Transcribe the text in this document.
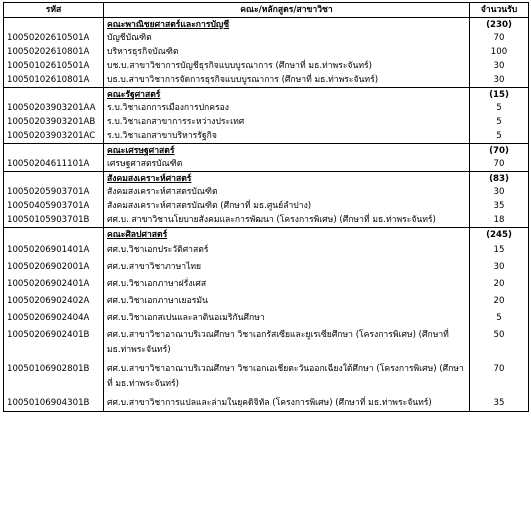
รหัส	คณะ/หลักสูตร/สาขาวิชา	จำนวนรับ
	คณะพาณิชยศาสตร์และการบัญชี	(230)
10050202610501A	บัญชีบัณฑิต	70
10050202610801A	บริหารธุรกิจบัณฑิต	100
10050102610501A	บช.บ.สาขาวิชาการบัญชีธุรกิจแบบบูรณาการ (ศึกษาที่ มธ.ท่าพระจันทร์)	30
10050102610801A	บธ.บ.สาขาวิชาการจัดการธุรกิจแบบบูรณาการ (ศึกษาที่ มธ.ท่าพระจันทร์)	30
	คณะรัฐศาสตร์	(15)
10050203903201AA	ร.บ.วิชาเอกการเมืองการปกครอง	5
10050203903201AB	ร.บ.วิชาเอกสาขาการระหว่างประเทศ	5
10050203903201AC	ร.บ.วิชาเอกสาขาบริหารรัฐกิจ	5
	คณะเศรษฐศาสตร์	(70)
10050204611101A	เศรษฐศาสตรบัณฑิต	70
	สังคมสงเคราะห์ศาสตร์	(83)
10050205903701A	สังคมสงเคราะห์ศาสตรบัณฑิต	30
10050405903701A	สังคมสงเคราะห์ศาสตรบัณฑิต (ศึกษาที่ มธ.ศูนย์ลำปาง)	35
10050105903701B	ศศ.บ. สาขาวิชานโยบายสังคมและการพัฒนา (โครงการพิเศษ) (ศึกษาที่ มธ.ท่าพระจันทร์)	18
	คณะศิลปศาสตร์	(245)
10050206901401A	ศศ.บ.วิชาเอกประวัติศาสตร์	15
10050206902001A	ศศ.บ.สาขาวิชาภาษาไทย	30
10050206902401A	ศศ.บ.วิชาเอกภาษาฝรั่งเศส	20
10050206902402A	ศศ.บ.วิชาเอกภาษาเยอรมัน	20
10050206902404A	ศศ.บ.วิชาเอกสเปนและลาตินอเมริกันศึกษา	5
10050206902401B	ศศ.บ.สาขาวิชาอาณาบริเวณศึกษา วิชาเอกรัสเซียและยูเรเซียศึกษา (โครงการพิเศษ) (ศึกษาที่ มธ.ท่าพระจันทร์)	50
10050106902801B	ศศ.บ.สาขาวิชาอาณาบริเวณศึกษา วิชาเอกเอเชียตะวันออกเฉียงใต้ศึกษา (โครงการพิเศษ) (ศึกษาที่ มธ.ท่าพระจันทร์)	70
10050106904301B	ศศ.บ.สาขาวิชาการแปลและล่ามในยุคดิจิทัล (โครงการพิเศษ) (ศึกษาที่ มธ.ท่าพระจันทร์)	35
